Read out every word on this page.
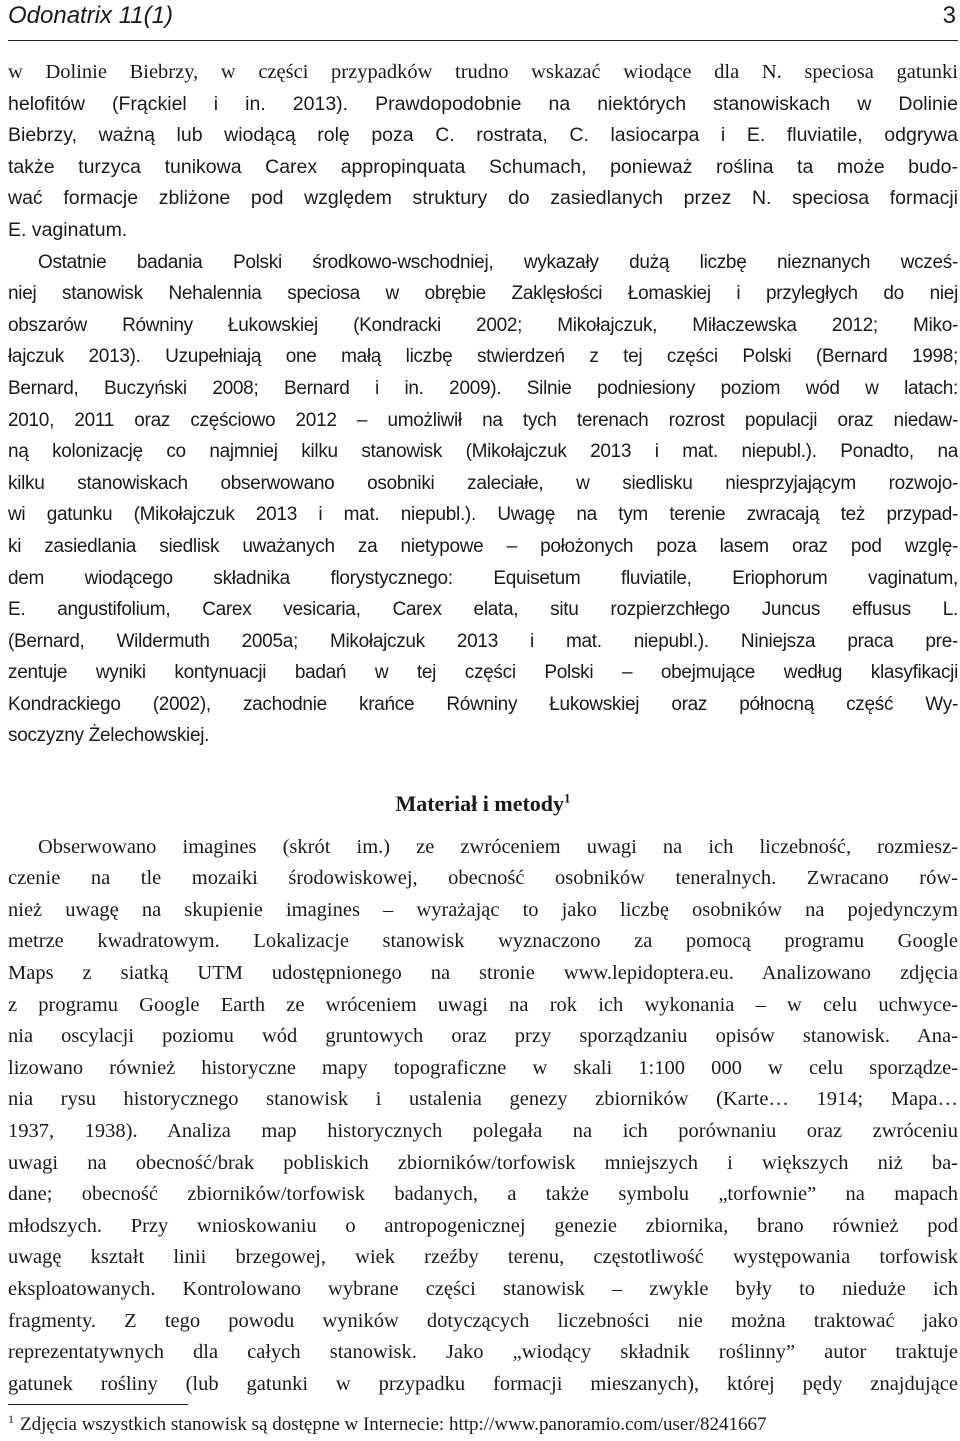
Odonatrix 11(1)	3
w Dolinie Biebrzy, w części przypadków trudno wskazać wiodące dla N. speciosa gatunki
helofitów (Frąckiel i in. 2013). Prawdopodobnie na niektórych stanowiskach w Dolinie
Biebrzy, ważną lub wiodącą rolę poza C. rostrata, C. lasiocarpa i E. fluviatile, odgrywa
także turzyca tunikowa Carex appropinquata Schumach, ponieważ roślina ta może budo-
wać formacje zbliżone pod względem struktury do zasiedlanych przez N. speciosa formacji
E. vaginatum.
Ostatnie badania Polski środkowo-wschodniej, wykazały dużą liczbę nieznanych wcześ-
niej stanowisk Nehalennia speciosa w obrębie Zaklęsłości Łomaskiej i przyległych do niej
obszarów Równiny Łukowskiej (Kondracki 2002; Mikołajczuk, Miłaczewska 2012; Miko-
łajczuk 2013). Uzupełniają one małą liczbę stwierdzeń z tej części Polski (Bernard 1998;
Bernard, Buczyński 2008; Bernard i in. 2009). Silnie podniesiony poziom wód w latach:
2010, 2011 oraz częściowo 2012 – umożliwił na tych terenach rozrost populacji oraz niedaw-
ną kolonizację co najmniej kilku stanowisk (Mikołajczuk 2013 i mat. niepubl.). Ponadto, na
kilku stanowiskach obserwowano osobniki zaleciałe, w siedlisku niesprzyjającym rozwojo-
wi gatunku (Mikołajczuk 2013 i mat. niepubl.). Uwagę na tym terenie zwracają też przypad-
ki zasiedlania siedlisk uważanych za nietypowe – położonych poza lasem oraz pod wzglę-
dem wiodącego składnika florystycznego: Equisetum fluviatile, Eriophorum vaginatum,
E. angustifolium, Carex vesicaria, Carex elata, situ rozpierzchłego Juncus effusus L.
(Bernard, Wildermuth 2005a; Mikołajczuk 2013 i mat. niepubl.). Niniejsza praca pre-
zentuje wyniki kontynuacji badań w tej części Polski – obejmujące według klasyfikacji
Kondrackiego (2002), zachodnie krańce Równiny Łukowskiej oraz północną część Wy-
soczyzny Żelechowskiej.
Materiał i metody$^1$
Obserwowano imagines (skrót im.) ze zwróceniem uwagi na ich liczebność, rozmiesz-
czenie na tle mozaiki środowiskowej, obecność osobników teneralnych. Zwracano rów-
nież uwagę na skupienie imagines – wyrażając to jako liczbę osobników na pojedynczym
metrze kwadratowym. Lokalizacje stanowisk wyznaczono za pomocą programu Google
Maps z siatką UTM udostępnionego na stronie www.lepidoptera.eu. Analizowano zdjęcia
z programu Google Earth ze wróceniem uwagi na rok ich wykonania – w celu uchwyce-
nia oscylacji poziomu wód gruntowych oraz przy sporządzaniu opisów stanowisk. Ana-
lizowano również historyczne mapy topograficzne w skali 1:100 000 w celu sporządze-
nia rysu historycznego stanowisk i ustalenia genezy zbiorników (Karte… 1914; Mapa…
1937, 1938). Analiza map historycznych polegała na ich porównaniu oraz zwróceniu
uwagi na obecność/brak pobliskich zbiorników/torfowisk mniejszych i większych niż ba-
dane; obecność zbiorników/torfowisk badanych, a także symbolu „torfownie” na mapach
młodszych. Przy wnioskowaniu o antropogenicznej genezie zbiornika, brano również pod
uwagę kształt linii brzegowej, wiek rzeźby terenu, częstotliwość występowania torfowisk
eksploatowanych. Kontrolowano wybrane części stanowisk – zwykle były to nieduże ich
fragmenty. Z tego powodu wyników dotyczących liczebności nie można traktować jako
reprezentatywnych dla całych stanowisk. Jako „wiodący składnik roślinny” autor traktuje
gatunek rośliny (lub gatunki w przypadku formacji mieszanych), której pędy znajdujące
$^1$ Zdjęcia wszystkich stanowisk są dostępne w Internecie: http://www.panoramio.com/user/8241667
